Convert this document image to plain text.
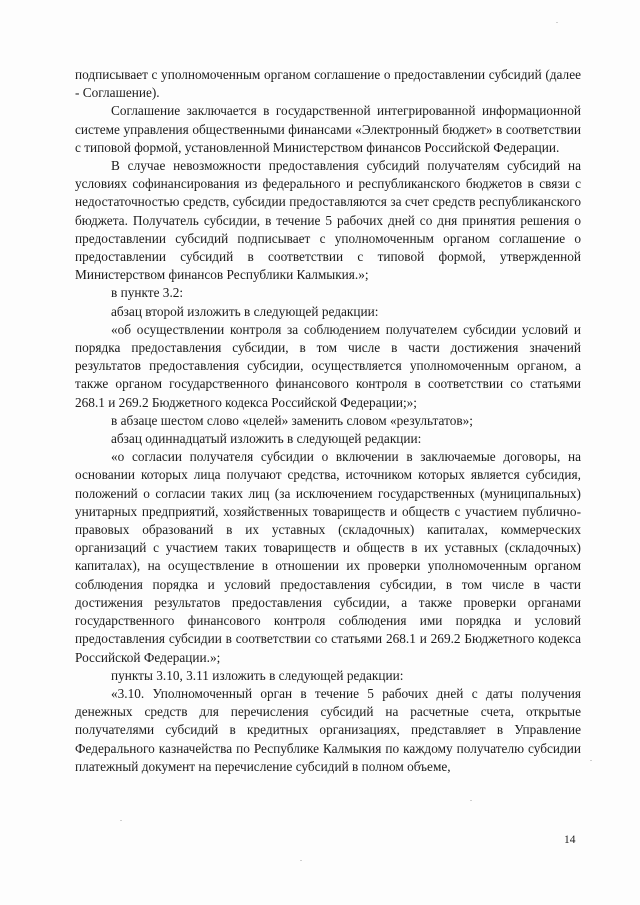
подписывает с уполномоченным органом соглашение о предоставлении субсидий (далее - Соглашение).

Соглашение заключается в государственной интегрированной информационной системе управления общественными финансами «Электронный бюджет» в соответствии с типовой формой, установленной Министерством финансов Российской Федерации.

В случае невозможности предоставления субсидий получателям субсидий на условиях софинансирования из федерального и республиканского бюджетов в связи с недостаточностью средств, субсидии предоставляются за счет средств республиканского бюджета. Получатель субсидии, в течение 5 рабочих дней со дня принятия решения о предоставлении субсидий подписывает с уполномоченным органом соглашение о предоставлении субсидий в соответствии с типовой формой, утвержденной Министерством финансов Республики Калмыкия.»;

в пункте 3.2:

абзац второй изложить в следующей редакции:

«об осуществлении контроля за соблюдением получателем субсидии условий и порядка предоставления субсидии, в том числе в части достижения значений результатов предоставления субсидии, осуществляется уполномоченным органом, а также органом государственного финансового контроля в соответствии со статьями 268.1 и 269.2 Бюджетного кодекса Российской Федерации;»;

в абзаце шестом слово «целей» заменить словом «результатов»;

абзац одиннадцатый изложить в следующей редакции:

«о согласии получателя субсидии о включении в заключаемые договоры, на основании которых лица получают средства, источником которых является субсидия, положений о согласии таких лиц (за исключением государственных (муниципальных) унитарных предприятий, хозяйственных товариществ и обществ с участием публично-правовых образований в их уставных (складочных) капиталах, коммерческих организаций с участием таких товариществ и обществ в их уставных (складочных) капиталах), на осуществление в отношении их проверки уполномоченным органом соблюдения порядка и условий предоставления субсидии, в том числе в части достижения результатов предоставления субсидии, а также проверки органами государственного финансового контроля соблюдения ими порядка и условий предоставления субсидии в соответствии со статьями 268.1 и 269.2 Бюджетного кодекса Российской Федерации.»;

пункты 3.10, 3.11 изложить в следующей редакции:

«3.10. Уполномоченный орган в течение 5 рабочих дней с даты получения денежных средств для перечисления субсидий на расчетные счета, открытые получателями субсидий в кредитных организациях, представляет в Управление Федерального казначейства по Республике Калмыкия по каждому получателю субсидии платежный документ на перечисление субсидий в полном объеме,

14
